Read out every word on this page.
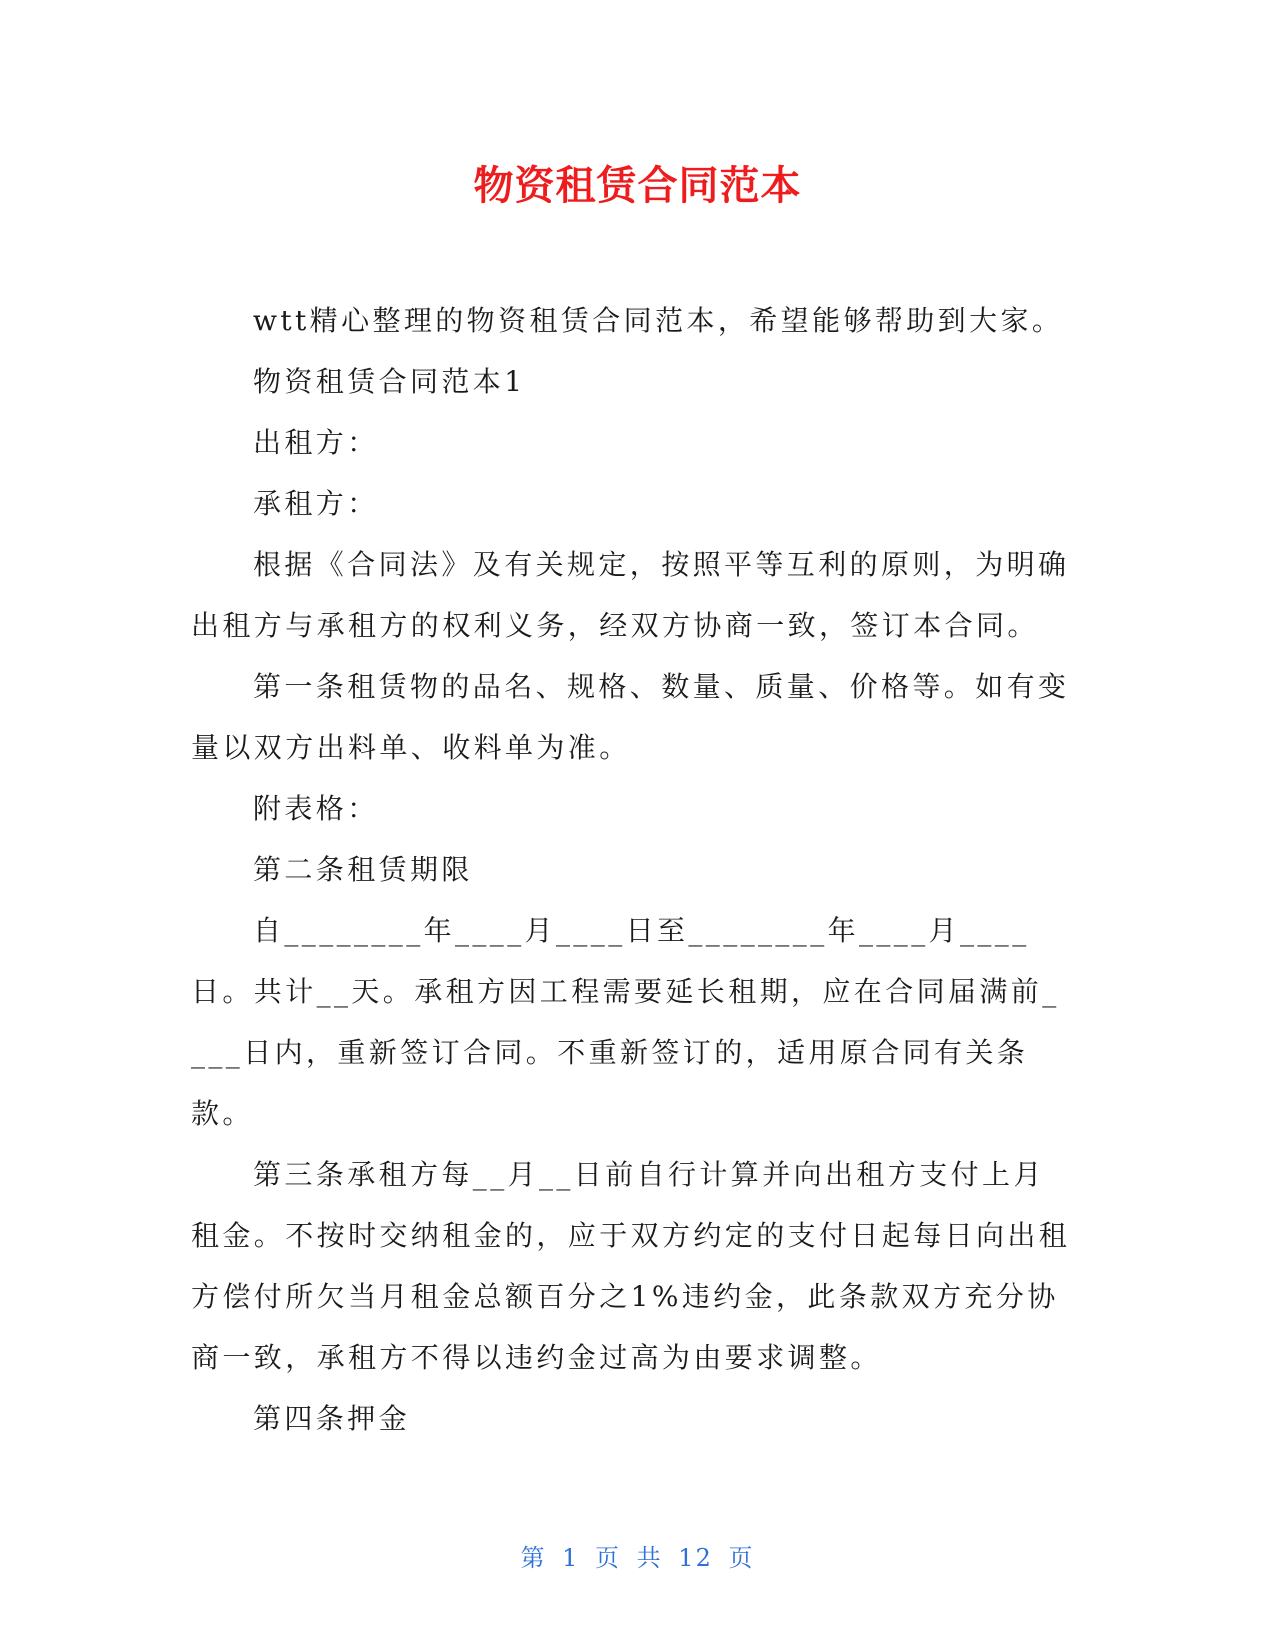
物资租赁合同范本

wtt精心整理的物资租赁合同范本，希望能够帮助到大家。

物资租赁合同范本1

出租方：

承租方：

根据《合同法》及有关规定，按照平等互利的原则，为明确出租方与承租方的权利义务，经双方协商一致，签订本合同。

第一条租赁物的品名、规格、数量、质量、价格等。如有变量以双方出料单、收料单为准。

附表格：

第二条租赁期限

自________年____月____日至________年____月____日。共计__天。承租方因工程需要延长租期，应在合同届满前____日内，重新签订合同。不重新签订的，适用原合同有关条款。

第三条承租方每__月__日前自行计算并向出租方支付上月租金。不按时交纳租金的，应于双方约定的支付日起每日向出租方偿付所欠当月租金总额百分之1%违约金，此条款双方充分协商一致，承租方不得以违约金过高为由要求调整。

第四条押金

第 1 页 共 12 页
